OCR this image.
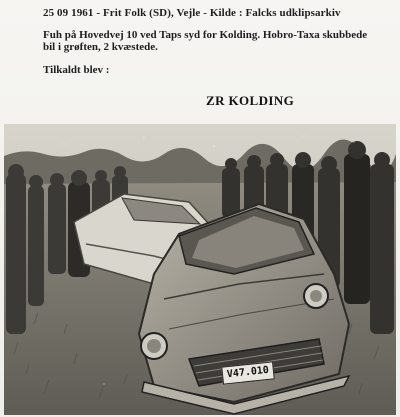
25 09 1961 - Frit Folk (SD), Vejle - Kilde : Falcks udklipsarkiv
Fuh på Hovedvej 10 ved Taps syd for Kolding. Hobro-Taxa skubbede
bil i grøften, 2 kvæstede.
Tilkaldt blev :
ZR KOLDING
V47.010
